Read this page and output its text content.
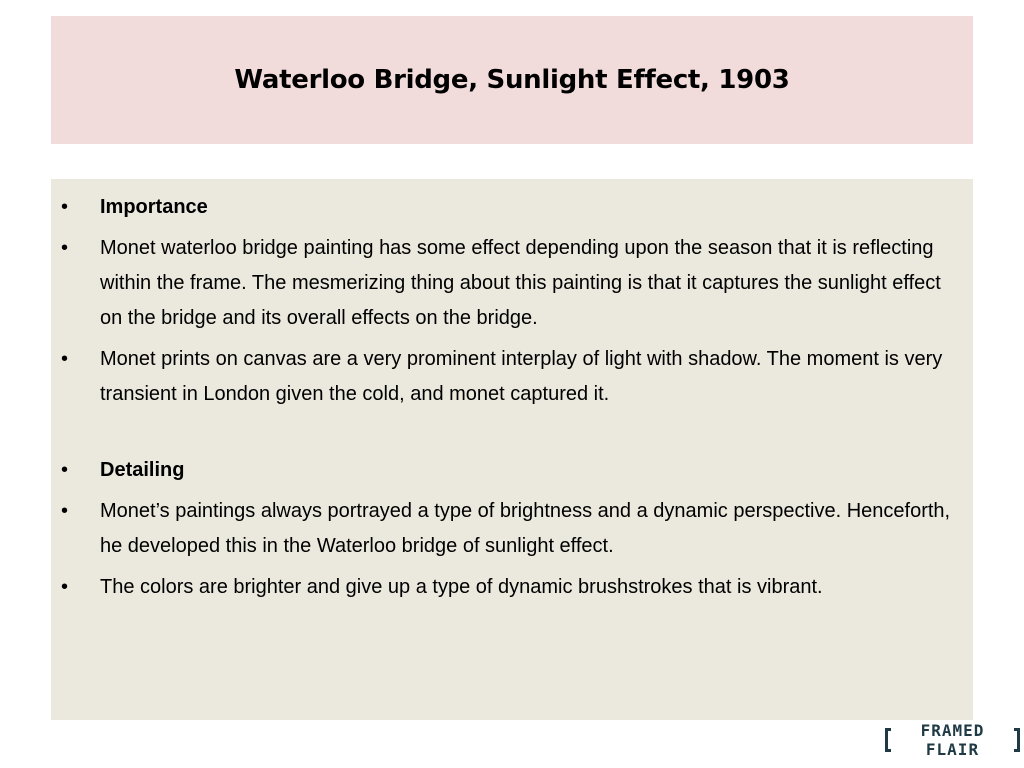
Waterloo Bridge, Sunlight Effect, 1903
• Importance
• Monet waterloo bridge painting has some effect depending upon the season that it is reflecting within the frame. The mesmerizing thing about this painting is that it captures the sunlight effect on the bridge and its overall effects on the bridge.
• Monet prints on canvas are a very prominent interplay of light with shadow. The moment is very transient in London given the cold, and monet captured it.
• Detailing
• Monet’s paintings always portrayed a type of brightness and a dynamic perspective. Henceforth, he developed this in the Waterloo bridge of sunlight effect.
• The colors are brighter and give up a type of dynamic brushstrokes that is vibrant.
FRAMED FLAIR
